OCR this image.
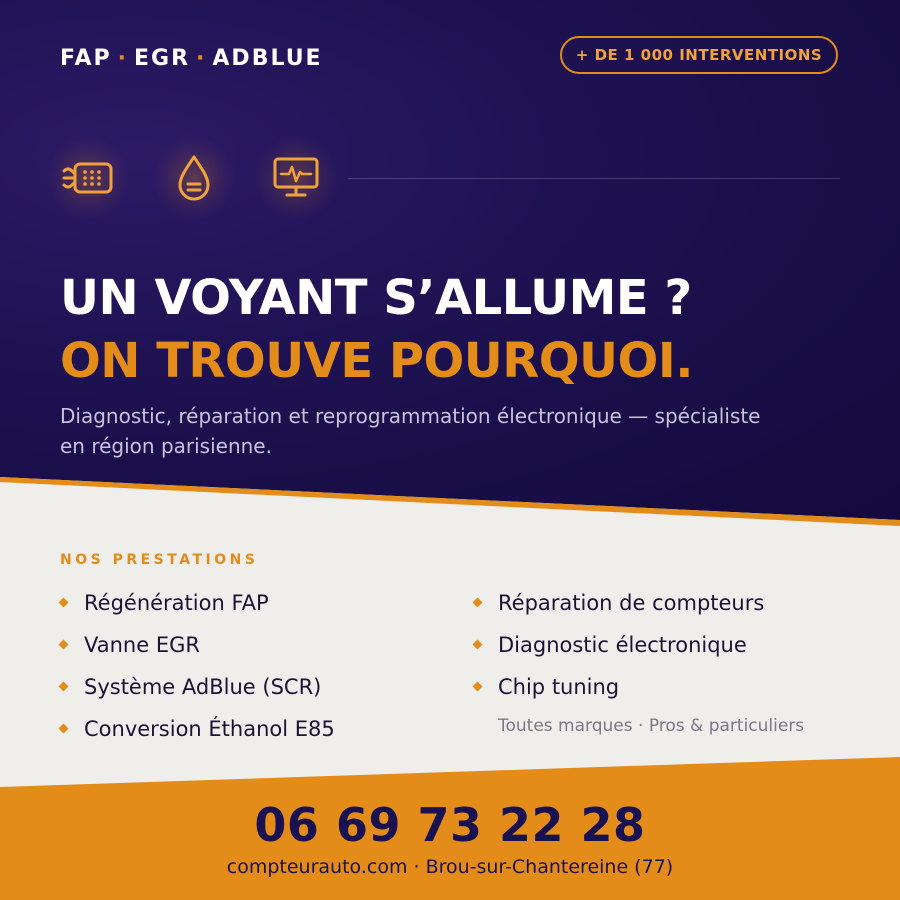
FAP · EGR · ADBLUE	+ DE 1 000 INTERVENTIONS
UN VOYANT S’ALLUME ?
ON TROUVE POURQUOI.
Diagnostic, réparation et reprogrammation électronique — spécialiste en région parisienne.
NOS PRESTATIONS
Régénération FAP
Vanne EGR
Système AdBlue (SCR)
Conversion Éthanol E85
Réparation de compteurs
Diagnostic électronique
Chip tuning
Toutes marques · Pros & particuliers
06 69 73 22 28
compteurauto.com · Brou-sur-Chantereine (77)
